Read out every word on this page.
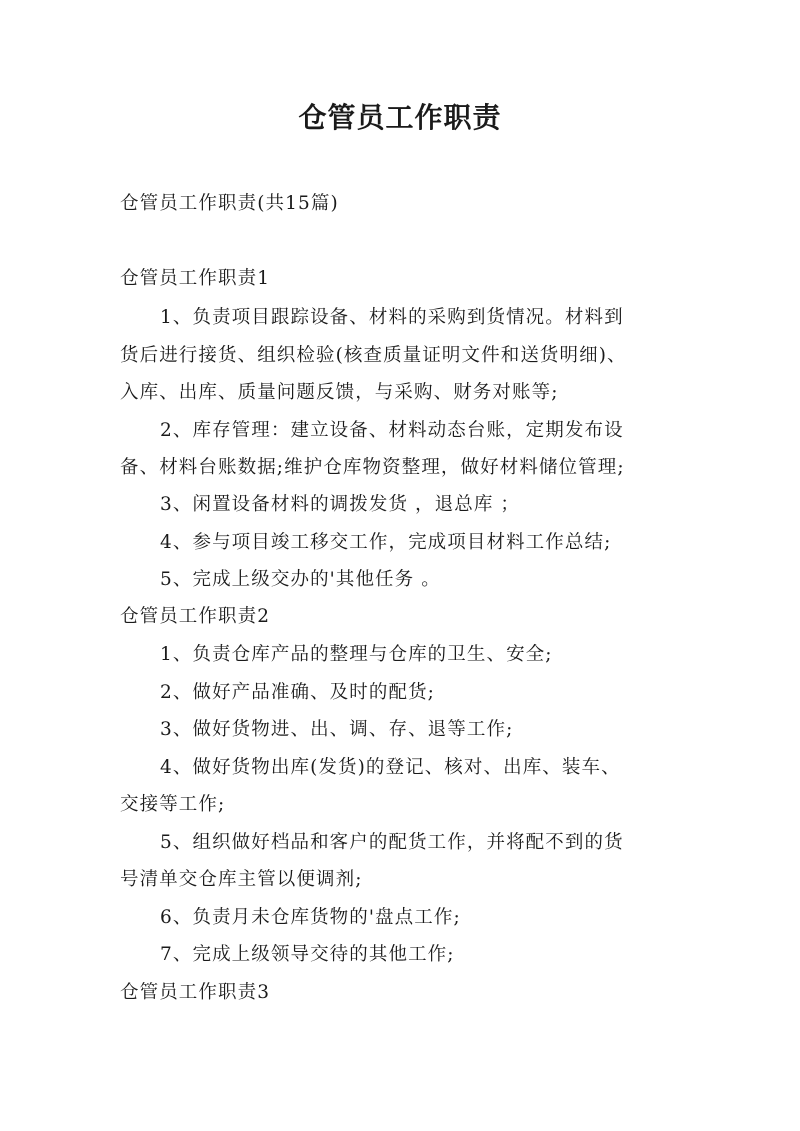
仓管员工作职责
仓管员工作职责(共15篇)
仓管员工作职责1
1、负责项目跟踪设备、材料的采购到货情况。材料到
货后进行接货、组织检验(核查质量证明文件和送货明细)、
入库、出库、质量问题反馈，与采购、财务对账等;
2、库存管理：建立设备、材料动态台账，定期发布设
备、材料台账数据;维护仓库物资整理，做好材料储位管理;
3、闲置设备材料的调拨发货 ，退总库 ；
4、参与项目竣工移交工作，完成项目材料工作总结;
5、完成上级交办的'其他任务 。
仓管员工作职责2
1、负责仓库产品的整理与仓库的卫生、安全;
2、做好产品准确、及时的配货;
3、做好货物进、出、调、存、退等工作;
4、做好货物出库(发货)的登记、核对、出库、装车、
交接等工作;
5、组织做好档品和客户的配货工作，并将配不到的货
号清单交仓库主管以便调剂;
6、负责月未仓库货物的'盘点工作;
7、完成上级领导交待的其他工作;
仓管员工作职责3
